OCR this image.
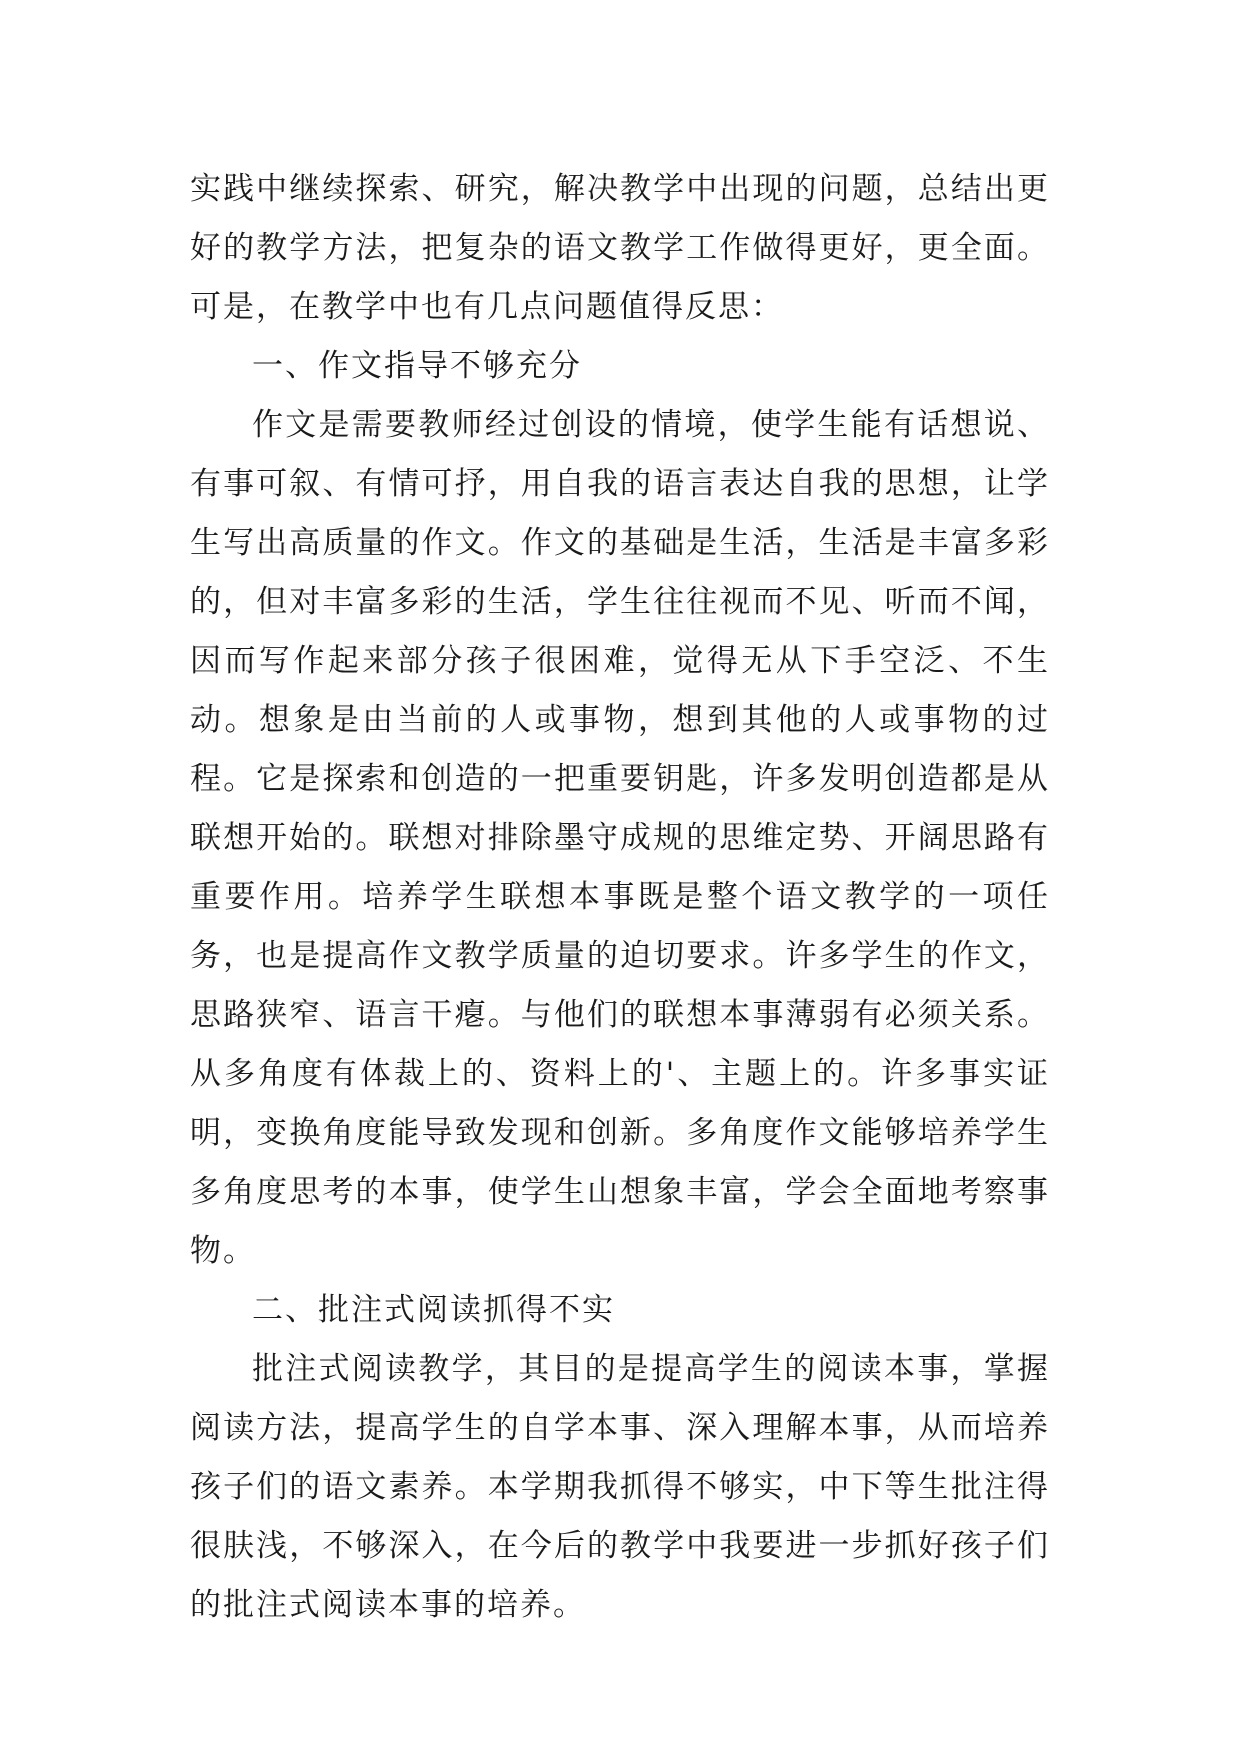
实践中继续探索、研究，解决教学中出现的问题，总结出更好的教学方法，把复杂的语文教学工作做得更好，更全面。可是，在教学中也有几点问题值得反思：

一、作文指导不够充分

作文是需要教师经过创设的情境，使学生能有话想说、有事可叙、有情可抒，用自我的语言表达自我的思想，让学生写出高质量的作文。作文的基础是生活，生活是丰富多彩的，但对丰富多彩的生活，学生往往视而不见、听而不闻，因而写作起来部分孩子很困难，觉得无从下手空泛、不生动。想象是由当前的人或事物，想到其他的人或事物的过程。它是探索和创造的一把重要钥匙，许多发明创造都是从联想开始的。联想对排除墨守成规的思维定势、开阔思路有重要作用。培养学生联想本事既是整个语文教学的一项任务，也是提高作文教学质量的迫切要求。许多学生的作文，思路狭窄、语言干瘪。与他们的联想本事薄弱有必须关系。从多角度有体裁上的、资料上的'、主题上的。许多事实证明，变换角度能导致发现和创新。多角度作文能够培养学生多角度思考的本事，使学生山想象丰富，学会全面地考察事物。

二、批注式阅读抓得不实

批注式阅读教学，其目的是提高学生的阅读本事，掌握阅读方法，提高学生的自学本事、深入理解本事，从而培养孩子们的语文素养。本学期我抓得不够实，中下等生批注得很肤浅，不够深入，在今后的教学中我要进一步抓好孩子们的批注式阅读本事的培养。
